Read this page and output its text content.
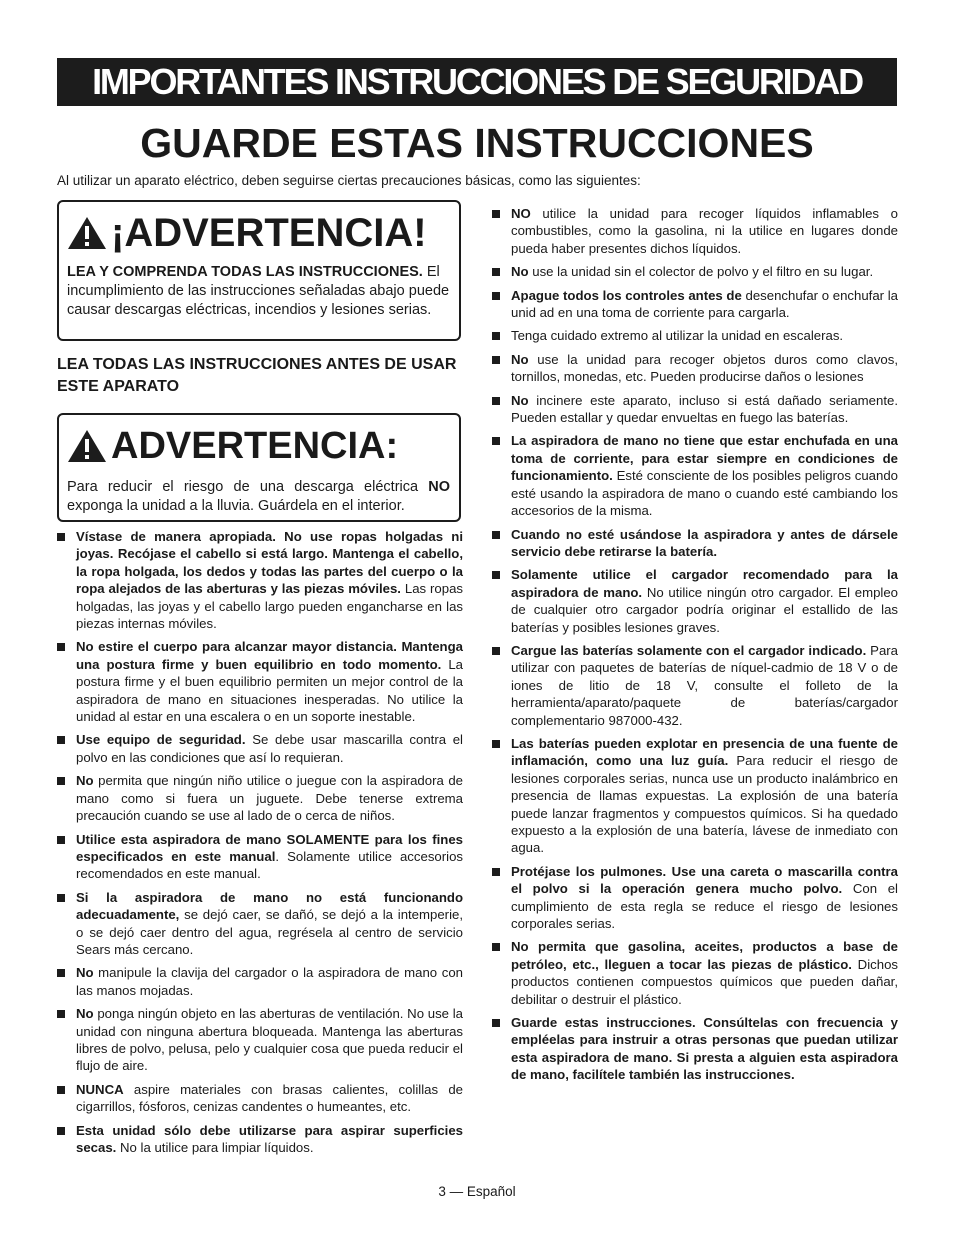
IMPORTANTES INSTRUCCIONES DE SEGURIDAD
GUARDE ESTAS INSTRUCCIONES

Al utilizar un aparato eléctrico, deben seguirse ciertas precauciones básicas, como las siguientes:

¡ADVERTENCIA!

LEA Y COMPRENDA TODAS LAS INSTRUCCIONES. El incumplimiento de las instrucciones señaladas abajo puede causar descargas eléctricas, incendios y lesiones serias.

LEA TODAS LAS INSTRUCCIONES ANTES DE USAR ESTE APARATO

ADVERTENCIA:

Para reducir el riesgo de una descarga eléctrica NO exponga la unidad a la lluvia. Guárdela en el interior.

Vístase de manera apropiada. No use ropas holgadas ni joyas. Recójase el cabello si está largo. Mantenga el cabello, la ropa holgada, los dedos y todas las partes del cuerpo o la ropa alejados de las aberturas y las piezas móviles. Las ropas holgadas, las joyas y el cabello largo pueden engancharse en las piezas internas móviles.
No estire el cuerpo para alcanzar mayor distancia. Mantenga una postura firme y buen equilibrio en todo momento. La postura firme y el buen equilibrio permiten un mejor control de la aspiradora de mano en situaciones inesperadas. No utilice la unidad al estar en una escalera o en un soporte inestable.
Use equipo de seguridad. Se debe usar mascarilla contra el polvo en las condiciones que así lo requieran.
No permita que ningún niño utilice o juegue con la aspiradora de mano como si fuera un juguete. Debe tenerse extrema precaución cuando se use al lado de o cerca de niños.
Utilice esta aspiradora de mano SOLAMENTE para los fines especificados en este manual. Solamente utilice accesorios recomendados en este manual.
Si la aspiradora de mano no está funcionando adecuadamente, se dejó caer, se dañó, se dejó a la intemperie, o se dejó caer dentro del agua, regrésela al centro de servicio Sears más cercano.
No manipule la clavija del cargador o la aspiradora de mano con las manos mojadas.
No ponga ningún objeto en las aberturas de ventilación. No use la unidad con ninguna abertura bloqueada. Mantenga las aberturas libres de polvo, pelusa, pelo y cualquier cosa que pueda reducir el flujo de aire.
NUNCA aspire materiales con brasas calientes, colillas de cigarrillos, fósforos, cenizas candentes o humeantes, etc.
Esta unidad sólo debe utilizarse para aspirar superficies secas. No la utilice para limpiar líquidos.
NO utilice la unidad para recoger líquidos inflamables o combustibles, como la gasolina, ni la utilice en lugares donde pueda haber presentes dichos líquidos.
No use la unidad sin el colector de polvo y el filtro en su lugar.
Apague todos los controles antes de desenchufar o enchufar la unid ad en una toma de corriente para cargarla.
Tenga cuidado extremo al utilizar la unidad en escaleras.
No use la unidad para recoger objetos duros como clavos, tornillos, monedas, etc. Pueden producirse daños o lesiones
No incinere este aparato, incluso si está dañado seriamente. Pueden estallar y quedar envueltas en fuego las baterías.
La aspiradora de mano no tiene que estar enchufada en una toma de corriente, para estar siempre en condiciones de funcionamiento. Esté consciente de los posibles peligros cuando esté usando la aspiradora de mano o cuando esté cambiando los accesorios de la misma.
Cuando no esté usándose la aspiradora y antes de dársele servicio debe retirarse la batería.
Solamente utilice el cargador recomendado para la aspiradora de mano. No utilice ningún otro cargador. El empleo de cualquier otro cargador podría originar el estallido de las baterías y posibles lesiones graves.
Cargue las baterías solamente con el cargador indicado. Para utilizar con paquetes de baterías de níquel-cadmio de 18 V o de iones de litio de 18 V, consulte el folleto de la herramienta/aparato/paquete de baterías/cargador complementario 987000-432.
Las baterías pueden explotar en presencia de una fuente de inflamación, como una luz guía. Para reducir el riesgo de lesiones corporales serias, nunca use un producto inalámbrico en presencia de llamas expuestas. La explosión de una batería puede lanzar fragmentos y compuestos químicos. Si ha quedado expuesto a la explosión de una batería, lávese de inmediato con agua.
Protéjase los pulmones. Use una careta o mascarilla contra el polvo si la operación genera mucho polvo. Con el cumplimiento de esta regla se reduce el riesgo de lesiones corporales serias.
No permita que gasolina, aceites, productos a base de petróleo, etc., lleguen a tocar las piezas de plástico. Dichos productos contienen compuestos químicos que pueden dañar, debilitar o destruir el plástico.
Guarde estas instrucciones. Consúltelas con frecuencia y empléelas para instruir a otras personas que puedan utilizar esta aspiradora de mano. Si presta a alguien esta aspiradora de mano, facilítele también las instrucciones.
3 — Español
